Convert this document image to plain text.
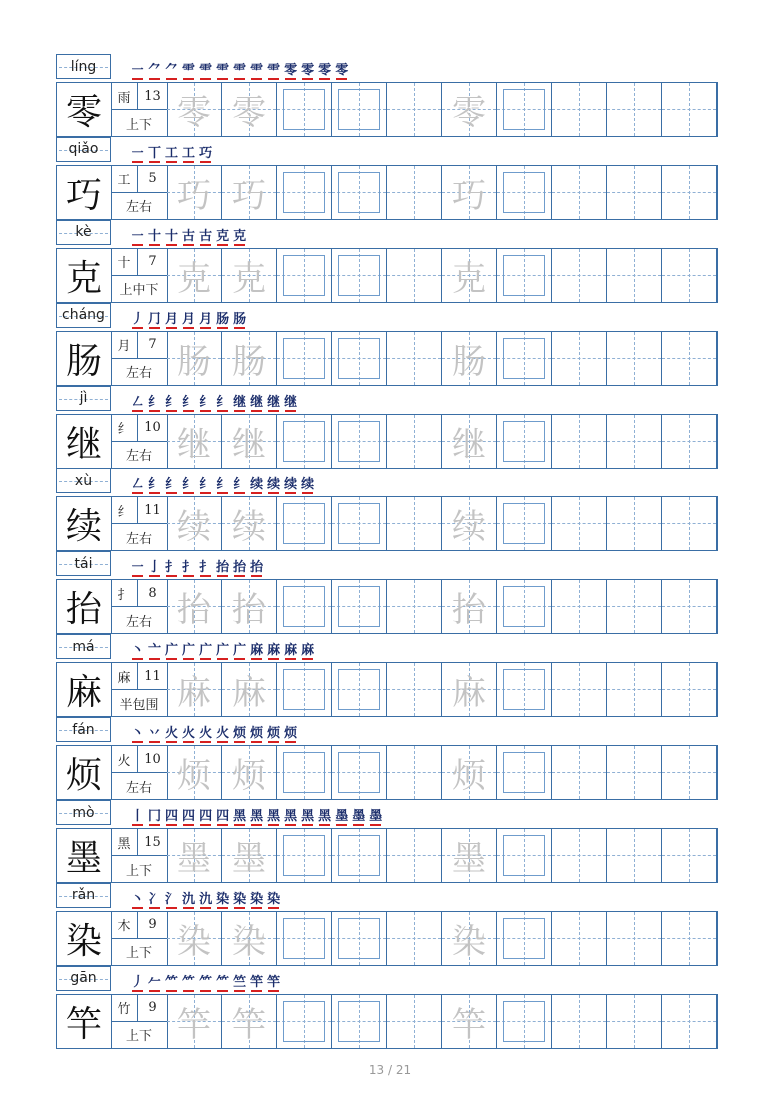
líng	㇐ ⺈ ⺈ ⻗ ⻗ ⻗ ⻗ ⻗ ⻗ 零 零 零 零
零	雨	13
上下 零 零	零
qiǎo	㇐ 丅 工 工 巧
巧	工	5
左右 巧 巧	巧
kè	㇐ 十 十 古 古 克 克
克	十	7
上中下 克 克	克
cháng 丿 ⺆ 月 月 月 肠 肠
肠	月	7
左右 肠 肠	肠
jì	㇜ 纟 纟 纟 纟 纟 继 继 继 继
继	纟	10
左右 继 继	继
xù	㇜ 纟 纟 纟 纟 纟 纟 续 续 续 续
续	纟	11
左右 续 续	续
tái	㇐ 亅 扌 扌 扌 抬 抬 抬
抬	扌	8
左右 抬 抬	抬
má	丶 亠 广 广 广 广 广 麻 麻 麻 麻
麻	麻	11
半包围 麻 麻	麻
fán	丶 丷 火 火 火 火 烦 烦 烦 烦
烦	火	10
左右 烦 烦	烦
mò	丨 冂 四 四 四 四 黑 黑 黑 黑 黑 黑 墨 墨 墨
墨	黑	15
上下 墨 墨	墨
rǎn	丶 冫 氵 氿 氿 染 染 染 染
染	木	9
上下 染 染	染
gān	丿 𠂉 ⺮ ⺮ ⺮ ⺮ 竺 竿 竿
竿	竹	9
上下 竿 竿	竿
13 / 21
